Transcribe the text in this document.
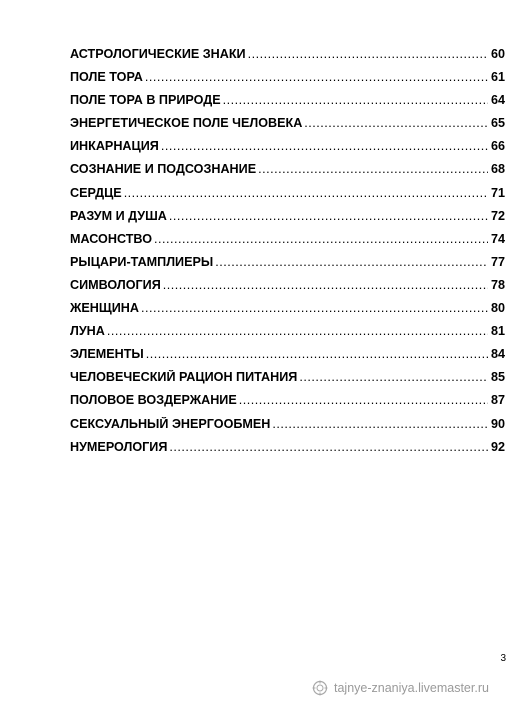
АСТРОЛОГИЧЕСКИЕ ЗНАКИ .....	60
ПОЛЕ ТОРА .....	61
ПОЛЕ ТОРА В ПРИРОДЕ .....	64
ЭНЕРГЕТИЧЕСКОЕ ПОЛЕ ЧЕЛОВЕКА .....	65
ИНКАРНАЦИЯ .....	66
СОЗНАНИЕ И ПОДСОЗНАНИЕ .....	68
СЕРДЦЕ .....	71
РАЗУМ И ДУША .....	72
МАСОНСТВО .....	74
РЫЦАРИ-ТАМПЛИЕРЫ .....	77
СИМВОЛОГИЯ .....	78
ЖЕНЩИНА .....	80
ЛУНА .....	81
ЭЛЕМЕНТЫ .....	84
ЧЕЛОВЕЧЕСКИЙ РАЦИОН ПИТАНИЯ .....	85
ПОЛОВОЕ ВОЗДЕРЖАНИЕ .....	87
СЕКСУАЛЬНЫЙ ЭНЕРГООБМЕН .....	90
НУМЕРОЛОГИЯ .....	92
3
tajnye-znaniya.livemaster.ru
